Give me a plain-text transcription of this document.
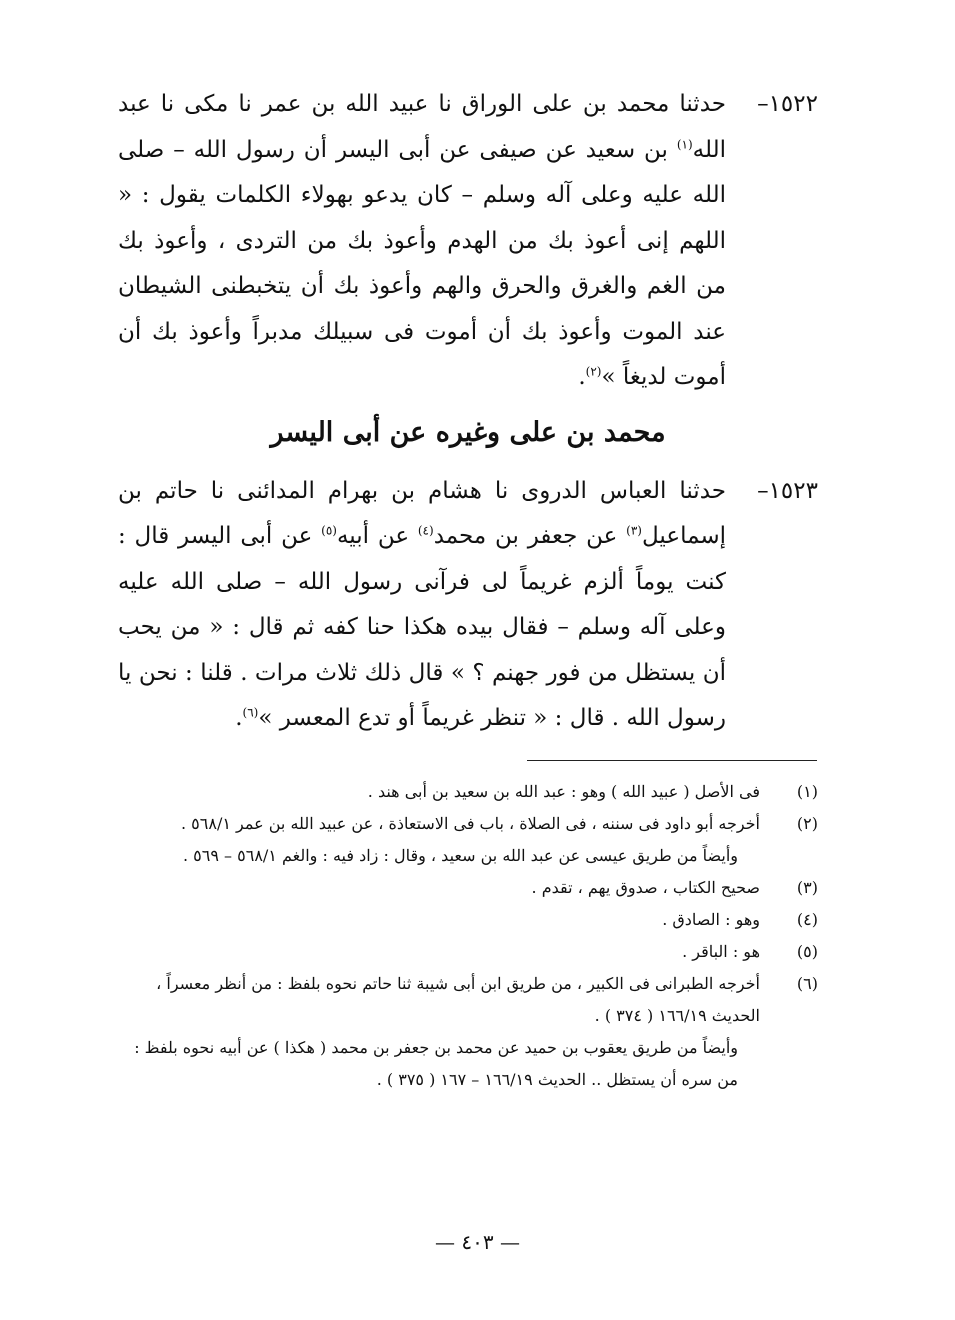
١٥٢٢–

حدثنا محمد بن على الوراق نا عبيد الله بن عمر نا مكى نا عبد الله$^{(١)}$ بن سعيد عن صيفى عن أبى اليسر أن رسول الله – صلى الله عليه وعلى آله وسلم – كان يدعو بهولاء الكلمات يقول : « اللهم إنى أعوذ بك من الهدم وأعوذ بك من التردى ، وأعوذ بك من الغم والغرق والحرق والهم وأعوذ بك أن يتخبطنى الشيطان عند الموت وأعوذ بك أن أموت فى سبيلك مدبراً وأعوذ بك أن أموت لديغاً »$^{(٢)}$.

محمد بن على وغيره عن أبى اليسر
١٥٢٣–

حدثنا العباس الدروى نا هشام بن بهرام المدائنى نا حاتم بن إسماعيل$^{(٣)}$ عن جعفر بن محمد$^{(٤)}$ عن أبيه$^{(٥)}$ عن أبى اليسر قال : كنت يوماً ألزم غريماً لى فرآنى رسول الله – صلى الله عليه وعلى آله وسلم – فقال بيده هكذا حنا كفه ثم قال : « من يحب أن يستظل من فور جهنم ؟ » قال ذلك ثلاث مرات . قلنا : نحن يا رسول الله . قال : « تنظر غريماً أو تدع المعسر »$^{(٦)}$.

(١)
فى الأصل ( عبيد الله ) وهو : عبد الله بن سعيد بن أبى هند .
(٢)
أخرجه أبو داود فى سننه ، فى الصلاة ، باب فى الاستعاذة ، عن عبيد الله بن عمر ٥٦٨/١ .
وأيضاً من طريق عيسى عن عبد الله بن سعيد ، وقال : زاد فيه : والغم ٥٦٨/١ – ٥٦٩ .
(٣)
صحيح الكتاب ، صدوق يهم ، تقدم .
(٤)
وهو : الصادق .
(٥)
هو : الباقر .
(٦)
أخرجه الطبرانى فى الكبير ، من طريق ابن أبى شيبة ثنا حاتم نحوه بلفظ : من أنظر معسراً ، الحديث ١٦٦/١٩ ( ٣٧٤ ) .
وأيضاً من طريق يعقوب بن حميد عن محمد بن جعفر بن محمد ( هكذا ) عن أبيه نحوه بلفظ : من سره أن يستظل .. الحديث ١٦٦/١٩ – ١٦٧ ( ٣٧٥ ) .
— ٤٠٣ —
